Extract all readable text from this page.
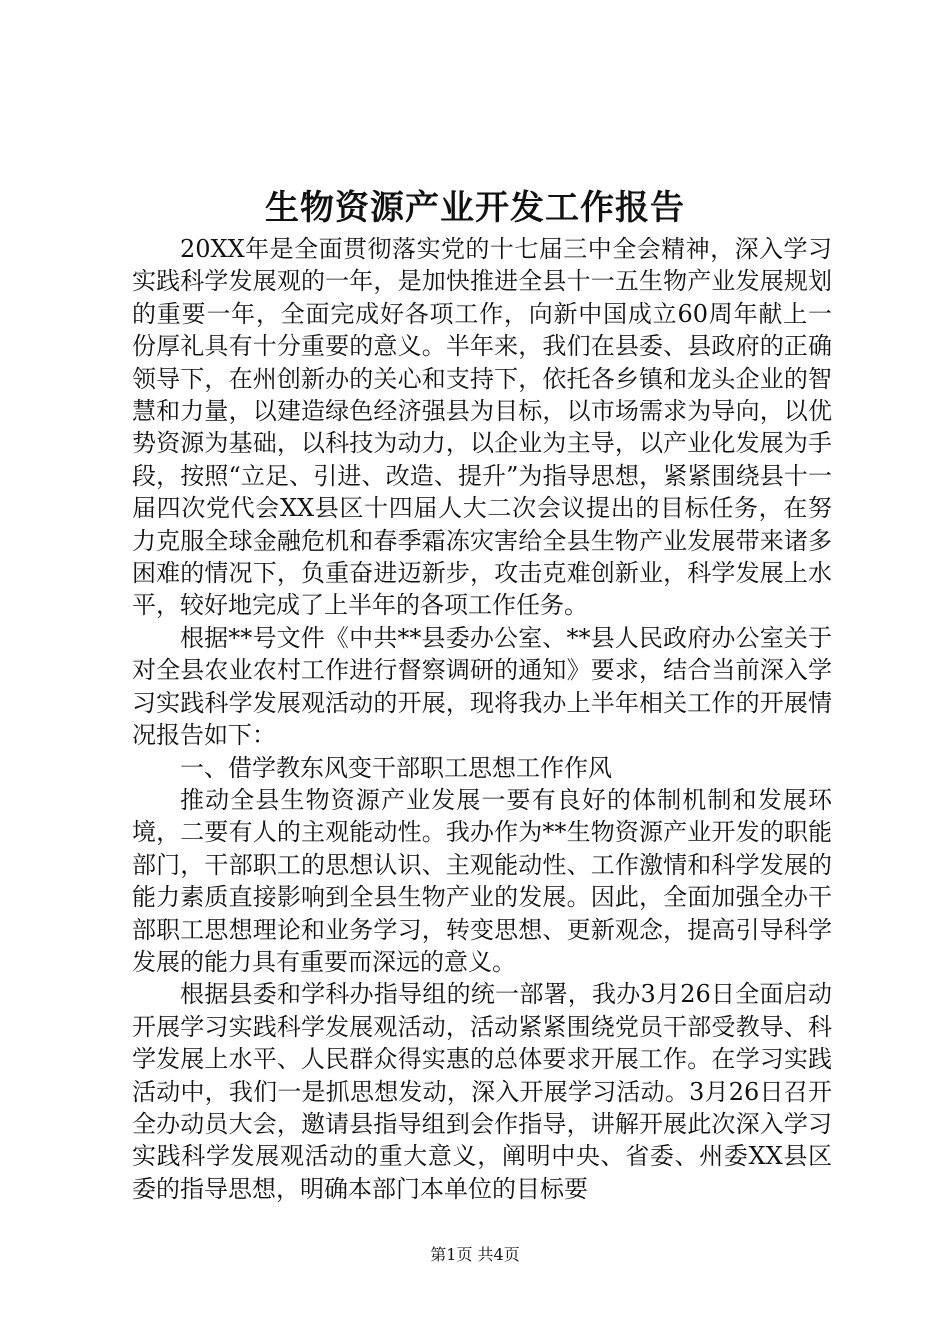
生物资源产业开发工作报告

20XX年是全面贯彻落实党的十七届三中全会精神，深入学习实践科学发展观的一年，是加快推进全县十一五生物产业发展规划的重要一年，全面完成好各项工作，向新中国成立60周年献上一份厚礼具有十分重要的意义。半年来，我们在县委、县政府的正确领导下，在州创新办的关心和支持下，依托各乡镇和龙头企业的智慧和力量，以建造绿色经济强县为目标，以市场需求为导向，以优势资源为基础，以科技为动力，以企业为主导，以产业化发展为手段，按照“立足、引进、改造、提升”为指导思想，紧紧围绕县十一届四次党代会XX县区十四届人大二次会议提出的目标任务，在努力克服全球金融危机和春季霜冻灾害给全县生物产业发展带来诸多困难的情况下，负重奋进迈新步，攻击克难创新业，科学发展上水平，较好地完成了上半年的各项工作任务。

根据**号文件《中共**县委办公室、**县人民政府办公室关于对全县农业农村工作进行督察调研的通知》要求，结合当前深入学习实践科学发展观活动的开展，现将我办上半年相关工作的开展情况报告如下：

一、借学教东风变干部职工思想工作作风

推动全县生物资源产业发展一要有良好的体制机制和发展环境，二要有人的主观能动性。我办作为**生物资源产业开发的职能部门，干部职工的思想认识、主观能动性、工作激情和科学发展的能力素质直接影响到全县生物产业的发展。因此，全面加强全办干部职工思想理论和业务学习，转变思想、更新观念，提高引导科学发展的能力具有重要而深远的意义。

根据县委和学科办指导组的统一部署，我办3月26日全面启动开展学习实践科学发展观活动，活动紧紧围绕党员干部受教导、科学发展上水平、人民群众得实惠的总体要求开展工作。在学习实践活动中，我们一是抓思想发动，深入开展学习活动。3月26日召开全办动员大会，邀请县指导组到会作指导，讲解开展此次深入学习实践科学发展观活动的重大意义，阐明中央、省委、州委XX县区委的指导思想，明确本部门本单位的目标要

第1页 共4页
